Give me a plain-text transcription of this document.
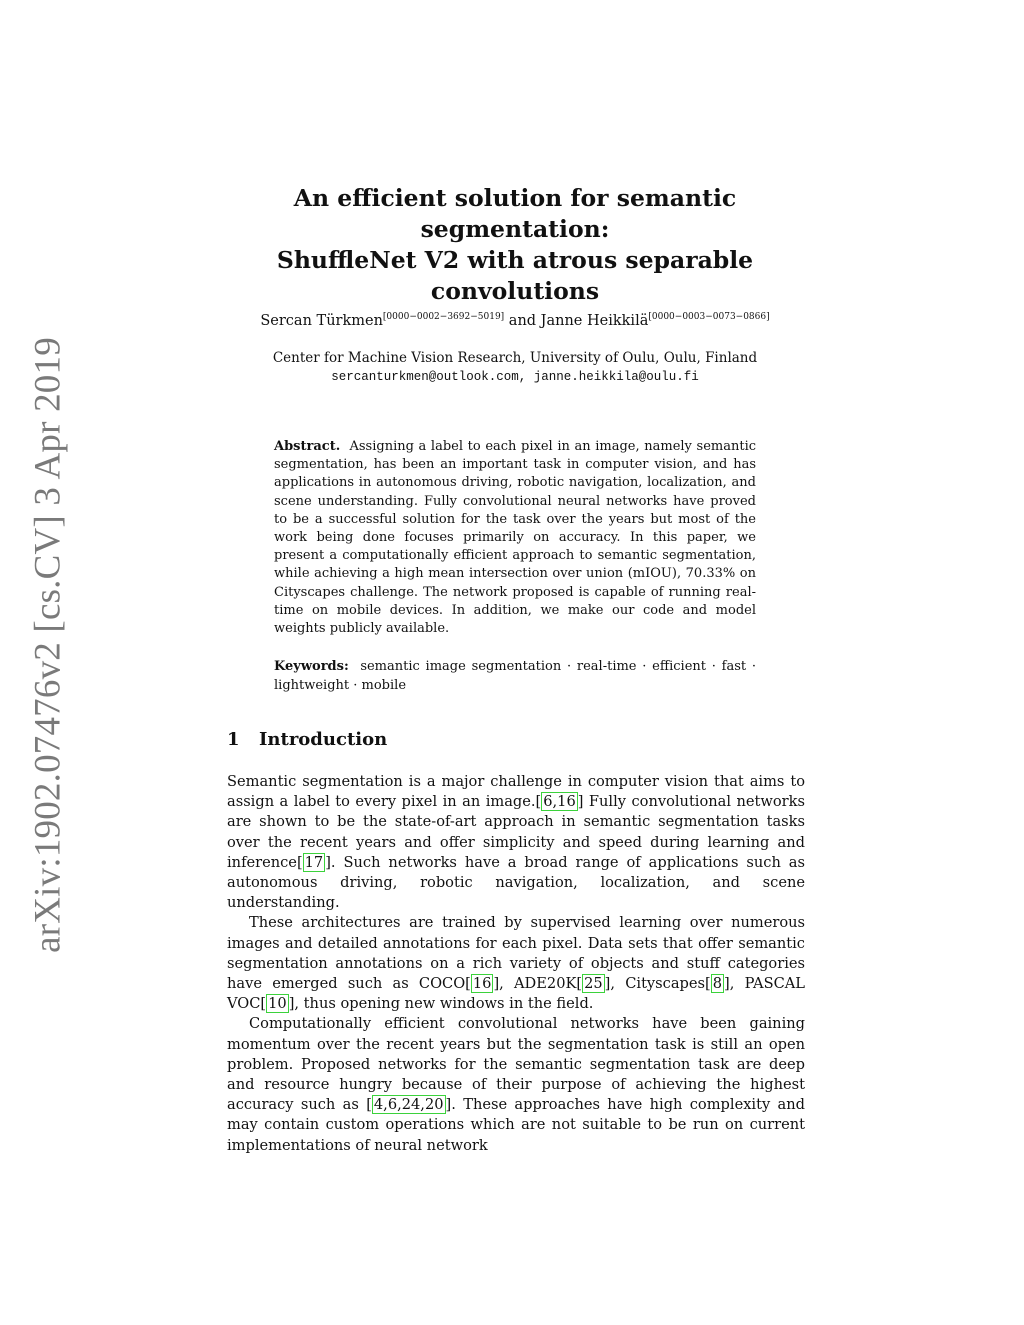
arXiv:1902.07476v2 [cs.CV] 3 Apr 2019
An efficient solution for semantic segmentation:
ShuffleNet V2 with atrous separable
convolutions
Sercan Türkmen[0000−0002−3692−5019] and Janne Heikkilä[0000−0003−0073−0866]
Center for Machine Vision Research, University of Oulu, Oulu, Finland
sercanturkmen@outlook.com, janne.heikkila@oulu.fi
Abstract. Assigning a label to each pixel in an image, namely semantic segmentation, has been an important task in computer vision, and has applications in autonomous driving, robotic navigation, localization, and scene understanding. Fully convolutional neural networks have proved to be a successful solution for the task over the years but most of the work being done focuses primarily on accuracy. In this paper, we present a computationally efficient approach to semantic segmentation, while achieving a high mean intersection over union (mIOU), 70.33% on Cityscapes challenge. The network proposed is capable of running real-time on mobile devices. In addition, we make our code and model weights publicly available.
Keywords: semantic image segmentation · real-time · efficient · fast · lightweight · mobile
1 Introduction

Semantic segmentation is a major challenge in computer vision that aims to assign a label to every pixel in an image.[ 6,16 ] Fully convolutional networks are shown to be the state-of-art approach in semantic segmentation tasks over the recent years and offer simplicity and speed during learning and inference[ 17 ]. Such networks have a broad range of applications such as autonomous driving, robotic navigation, localization, and scene understanding.

These architectures are trained by supervised learning over numerous images and detailed annotations for each pixel. Data sets that offer semantic segmentation annotations on a rich variety of objects and stuff categories have emerged such as COCO[ 16 ], ADE20K[ 25 ], Cityscapes[ 8 ], PASCAL VOC[ 10 ], thus opening new windows in the field.

Computationally efficient convolutional networks have been gaining momentum over the recent years but the segmentation task is still an open problem. Proposed networks for the semantic segmentation task are deep and resource hungry because of their purpose of achieving the highest accuracy such as [ 4,6,24,20 ]. These approaches have high complexity and may contain custom operations which are not suitable to be run on current implementations of neural network
